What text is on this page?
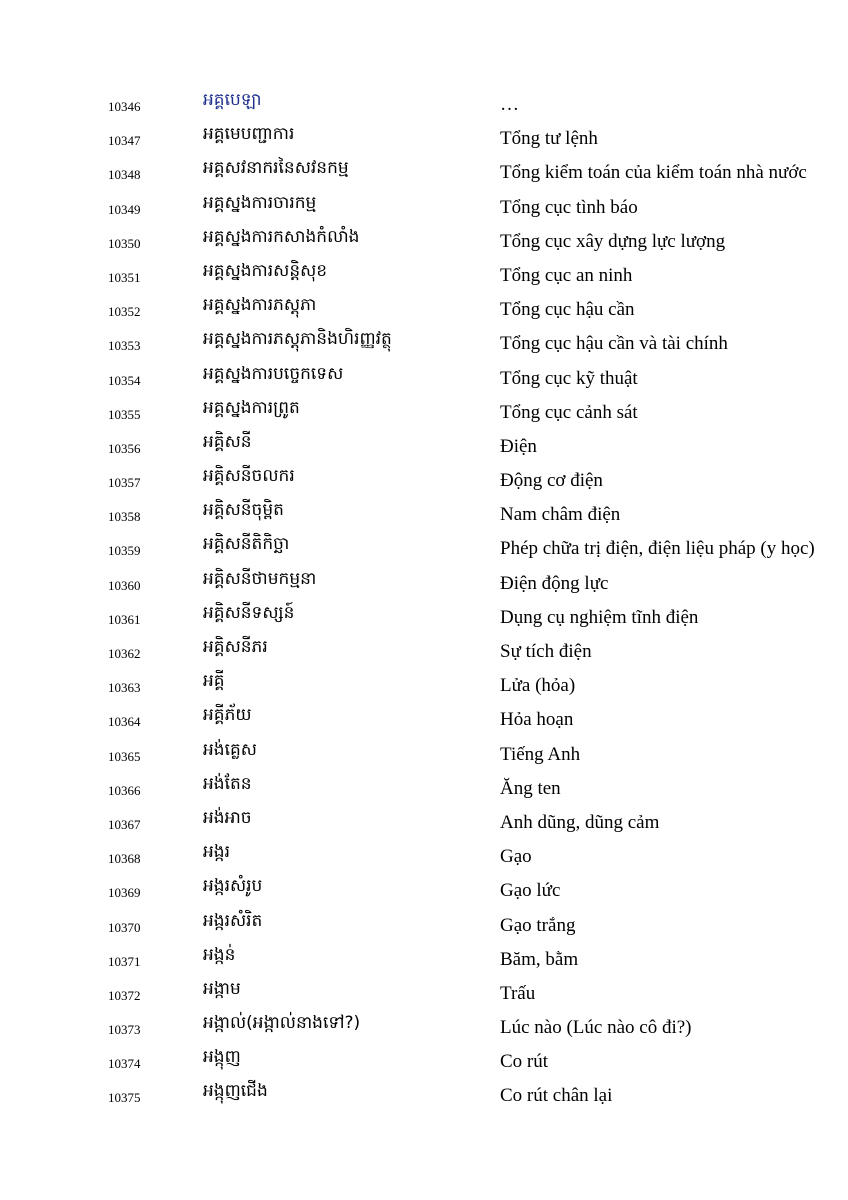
10346	អគ្គបេឡា	…
10347	អគ្គមេបញ្ជាការ	Tổng tư lệnh
10348	អគ្គសវនាករនៃសវនកម្ម	Tổng kiểm toán của kiểm toán nhà nước
10349	អគ្គស្នងការចារកម្ម	Tổng cục tình báo
10350	អគ្គស្នងការកសាងកំលាំង	Tổng cục xây dựng lực lượng
10351	អគ្គស្នងការសន្តិសុខ	Tổng cục an ninh
10352	អគ្គស្នងការភស្តុភា	Tổng cục hậu cần
10353	អគ្គស្នងការភស្តុភានិងហិរញ្ញវត្ថុ	Tổng cục hậu cần và tài chính
10354	អគ្គស្នងការបច្ចេកទេស	Tổng cục kỹ thuật
10355	អគ្គស្នងការព្រូត	Tổng cục cảnh sát
10356	អគ្គិសនី	Điện
10357	អគ្គិសនីចលករ	Động cơ điện
10358	អគ្គិសនីចុម្ពិត	Nam châm điện
10359	អគ្គិសនីតិកិច្ឆា	Phép chữa trị điện, điện liệu pháp (y học)
10360	អគ្គិសនីថាមកម្មនា	Điện động lực
10361	អគ្គិសនីទស្សន៍	Dụng cụ nghiệm tĩnh điện
10362	អគ្គិសនីភរ	Sự tích điện
10363	អគ្គី	Lửa (hỏa)
10364	អគ្គីភ័យ	Hỏa hoạn
10365	អង់គ្លេស	Tiếng Anh
10366	អង់តែន	Ăng ten
10367	អង់អាច	Anh dũng, dũng cảm
10368	អង្ករ	Gạo
10369	អង្ករសំរូប	Gạo lức
10370	អង្ករសំរិត	Gạo trắng
10371	អង្កន់	Băm, bằm
10372	អង្កាម	Trấu
10373	អង្កាល់(អង្កាល់នាងទៅ?)	Lúc nào (Lúc nào cô đi?)
10374	អង្កុញ	Co rút
10375	អង្កុញជើង	Co rút chân lại
